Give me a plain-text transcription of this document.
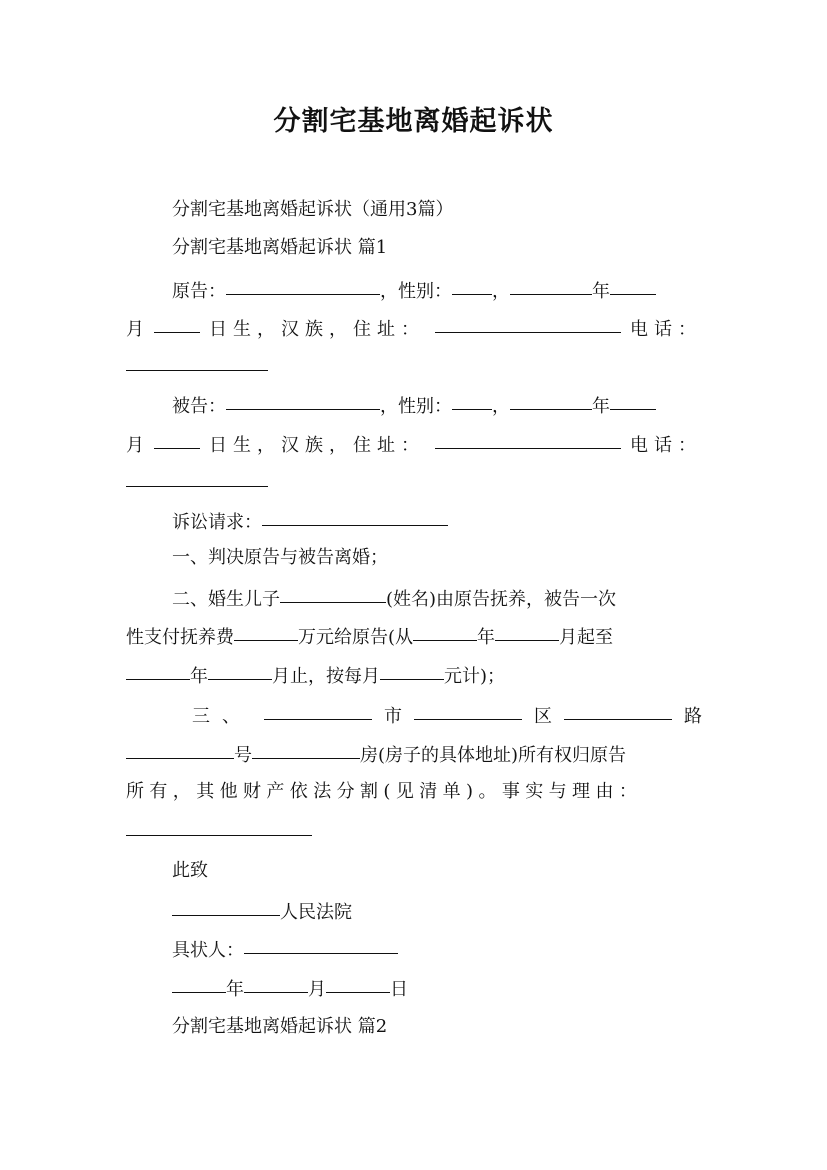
分割宅基地离婚起诉状
分割宅基地离婚起诉状（通用3篇）
分割宅基地离婚起诉状 篇1
原告：	，性别： ，	年
月	日生，汉族，住址：	电话：
被告：	，性别： ，	年
月	日生，汉族，住址：	电话：
诉讼请求：
一、判决原告与被告离婚；
二、婚生儿子	(姓名)由原告抚养，被告一次
性支付抚养费	万元给原告(从	年	月起至
年	月止，按每月	元计)；
三、	市	区	路
号	房(房子的具体地址)所有权归原告
所有，其他财产依法分割(见清单)。事实与理由：
此致
人民法院
具状人：
年	月	日
分割宅基地离婚起诉状 篇2
